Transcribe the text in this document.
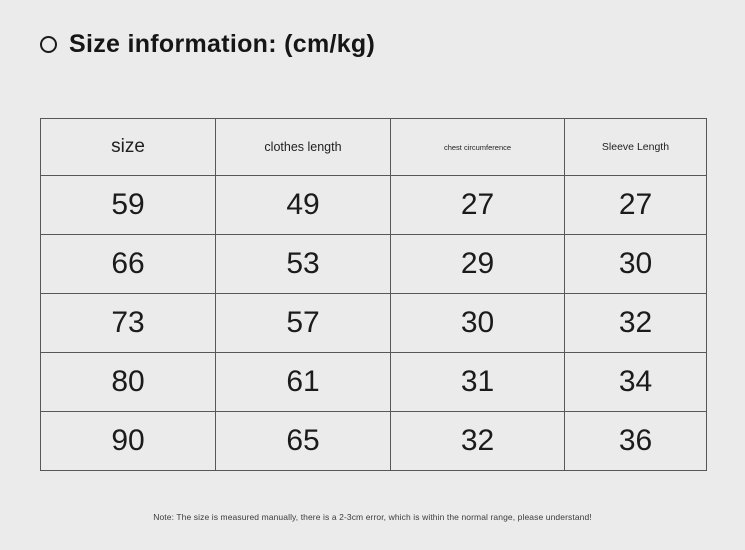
Size information: (cm/kg)
size	clothes length	chest circumference	Sleeve Length
59	49	27	27
66	53	29	30
73	57	30	32
80	61	31	34
90	65	32	36
Note: The size is measured manually, there is a 2-3cm error, which is within the normal range, please understand!
